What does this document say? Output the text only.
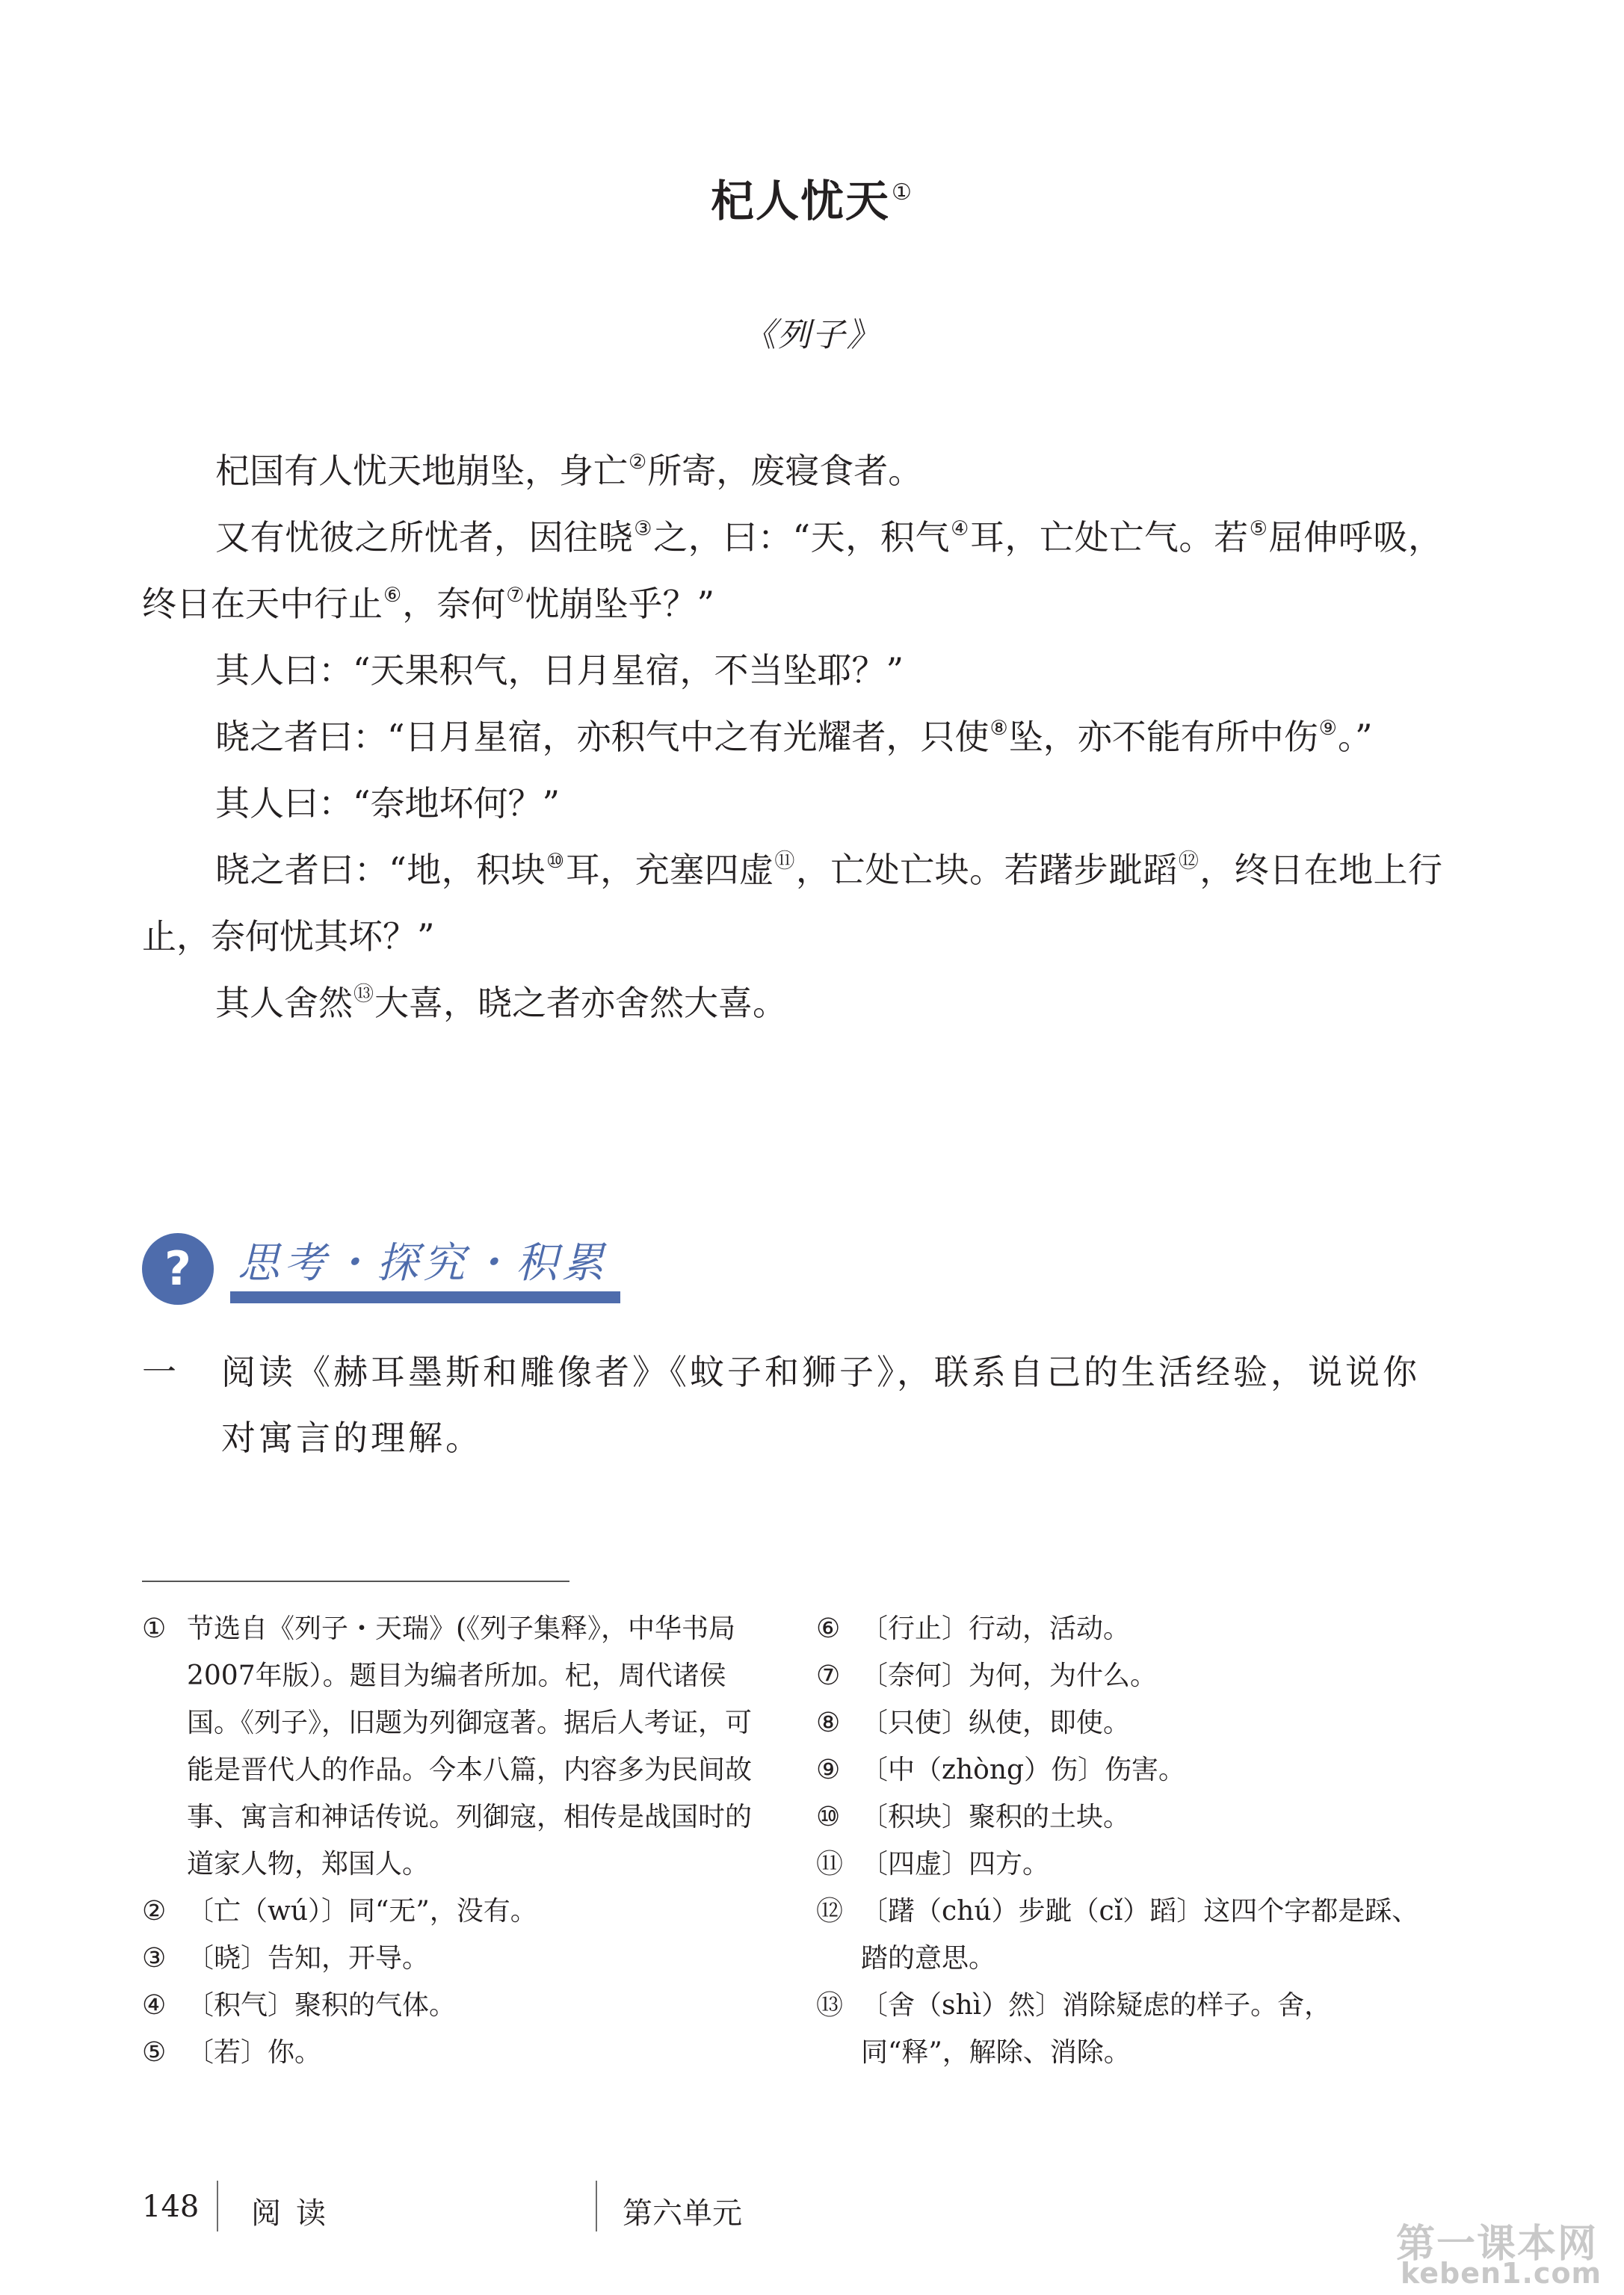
杞人忧天①
《列子》

杞国有人忧天地崩坠，身亡②所寄，废寝食者。

又有忧彼之所忧者，因往晓③之，曰：“天，积气④耳，亡处亡气。若⑤屈伸呼吸，终日在天中行止⑥，奈何⑦忧崩坠乎？”

其人曰：“天果积气，日月星宿，不当坠耶？”

晓之者曰：“日月星宿，亦积气中之有光耀者，只使⑧坠，亦不能有所中伤⑨。”

其人曰：“奈地坏何？”

晓之者曰：“地，积块⑩耳，充塞四虚⑪，亡处亡块。若躇步跐蹈⑫，终日在地上行止，奈何忧其坏？”

其人舍然⑬大喜，晓之者亦舍然大喜。

?	思考・探究・积累
一 阅读《赫耳墨斯和雕像者》《蚊子和狮子》，联系自己的生活经验，说说你对寓言的理解。
① 节选自《列子・天瑞》(《列子集释》，中华书局2007年版）。题目为编者所加。杞，周代诸侯国。《列子》，旧题为列御寇著。据后人考证，可能是晋代人的作品。今本八篇，内容多为民间故事、寓言和神话传说。列御寇，相传是战国时的道家人物，郑国人。
② 〔亡（wú）〕同“无”，没有。
③ 〔晓〕告知，开导。
④ 〔积气〕聚积的气体。
⑤ 〔若〕你。
⑥ 〔行止〕行动，活动。
⑦ 〔奈何〕为何，为什么。
⑧ 〔只使〕纵使，即使。
⑨ 〔中（zhòng）伤〕伤害。
⑩ 〔积块〕聚积的土块。
⑪ 〔四虚〕四方。
⑫ 〔躇（chú）步跐（cǐ）蹈〕这四个字都是踩、踏的意思。
⑬ 〔舍（shì）然〕消除疑虑的样子。舍，同“释”，解除、消除。
148 阅读	第六单元
第一课本网
keben1.com
